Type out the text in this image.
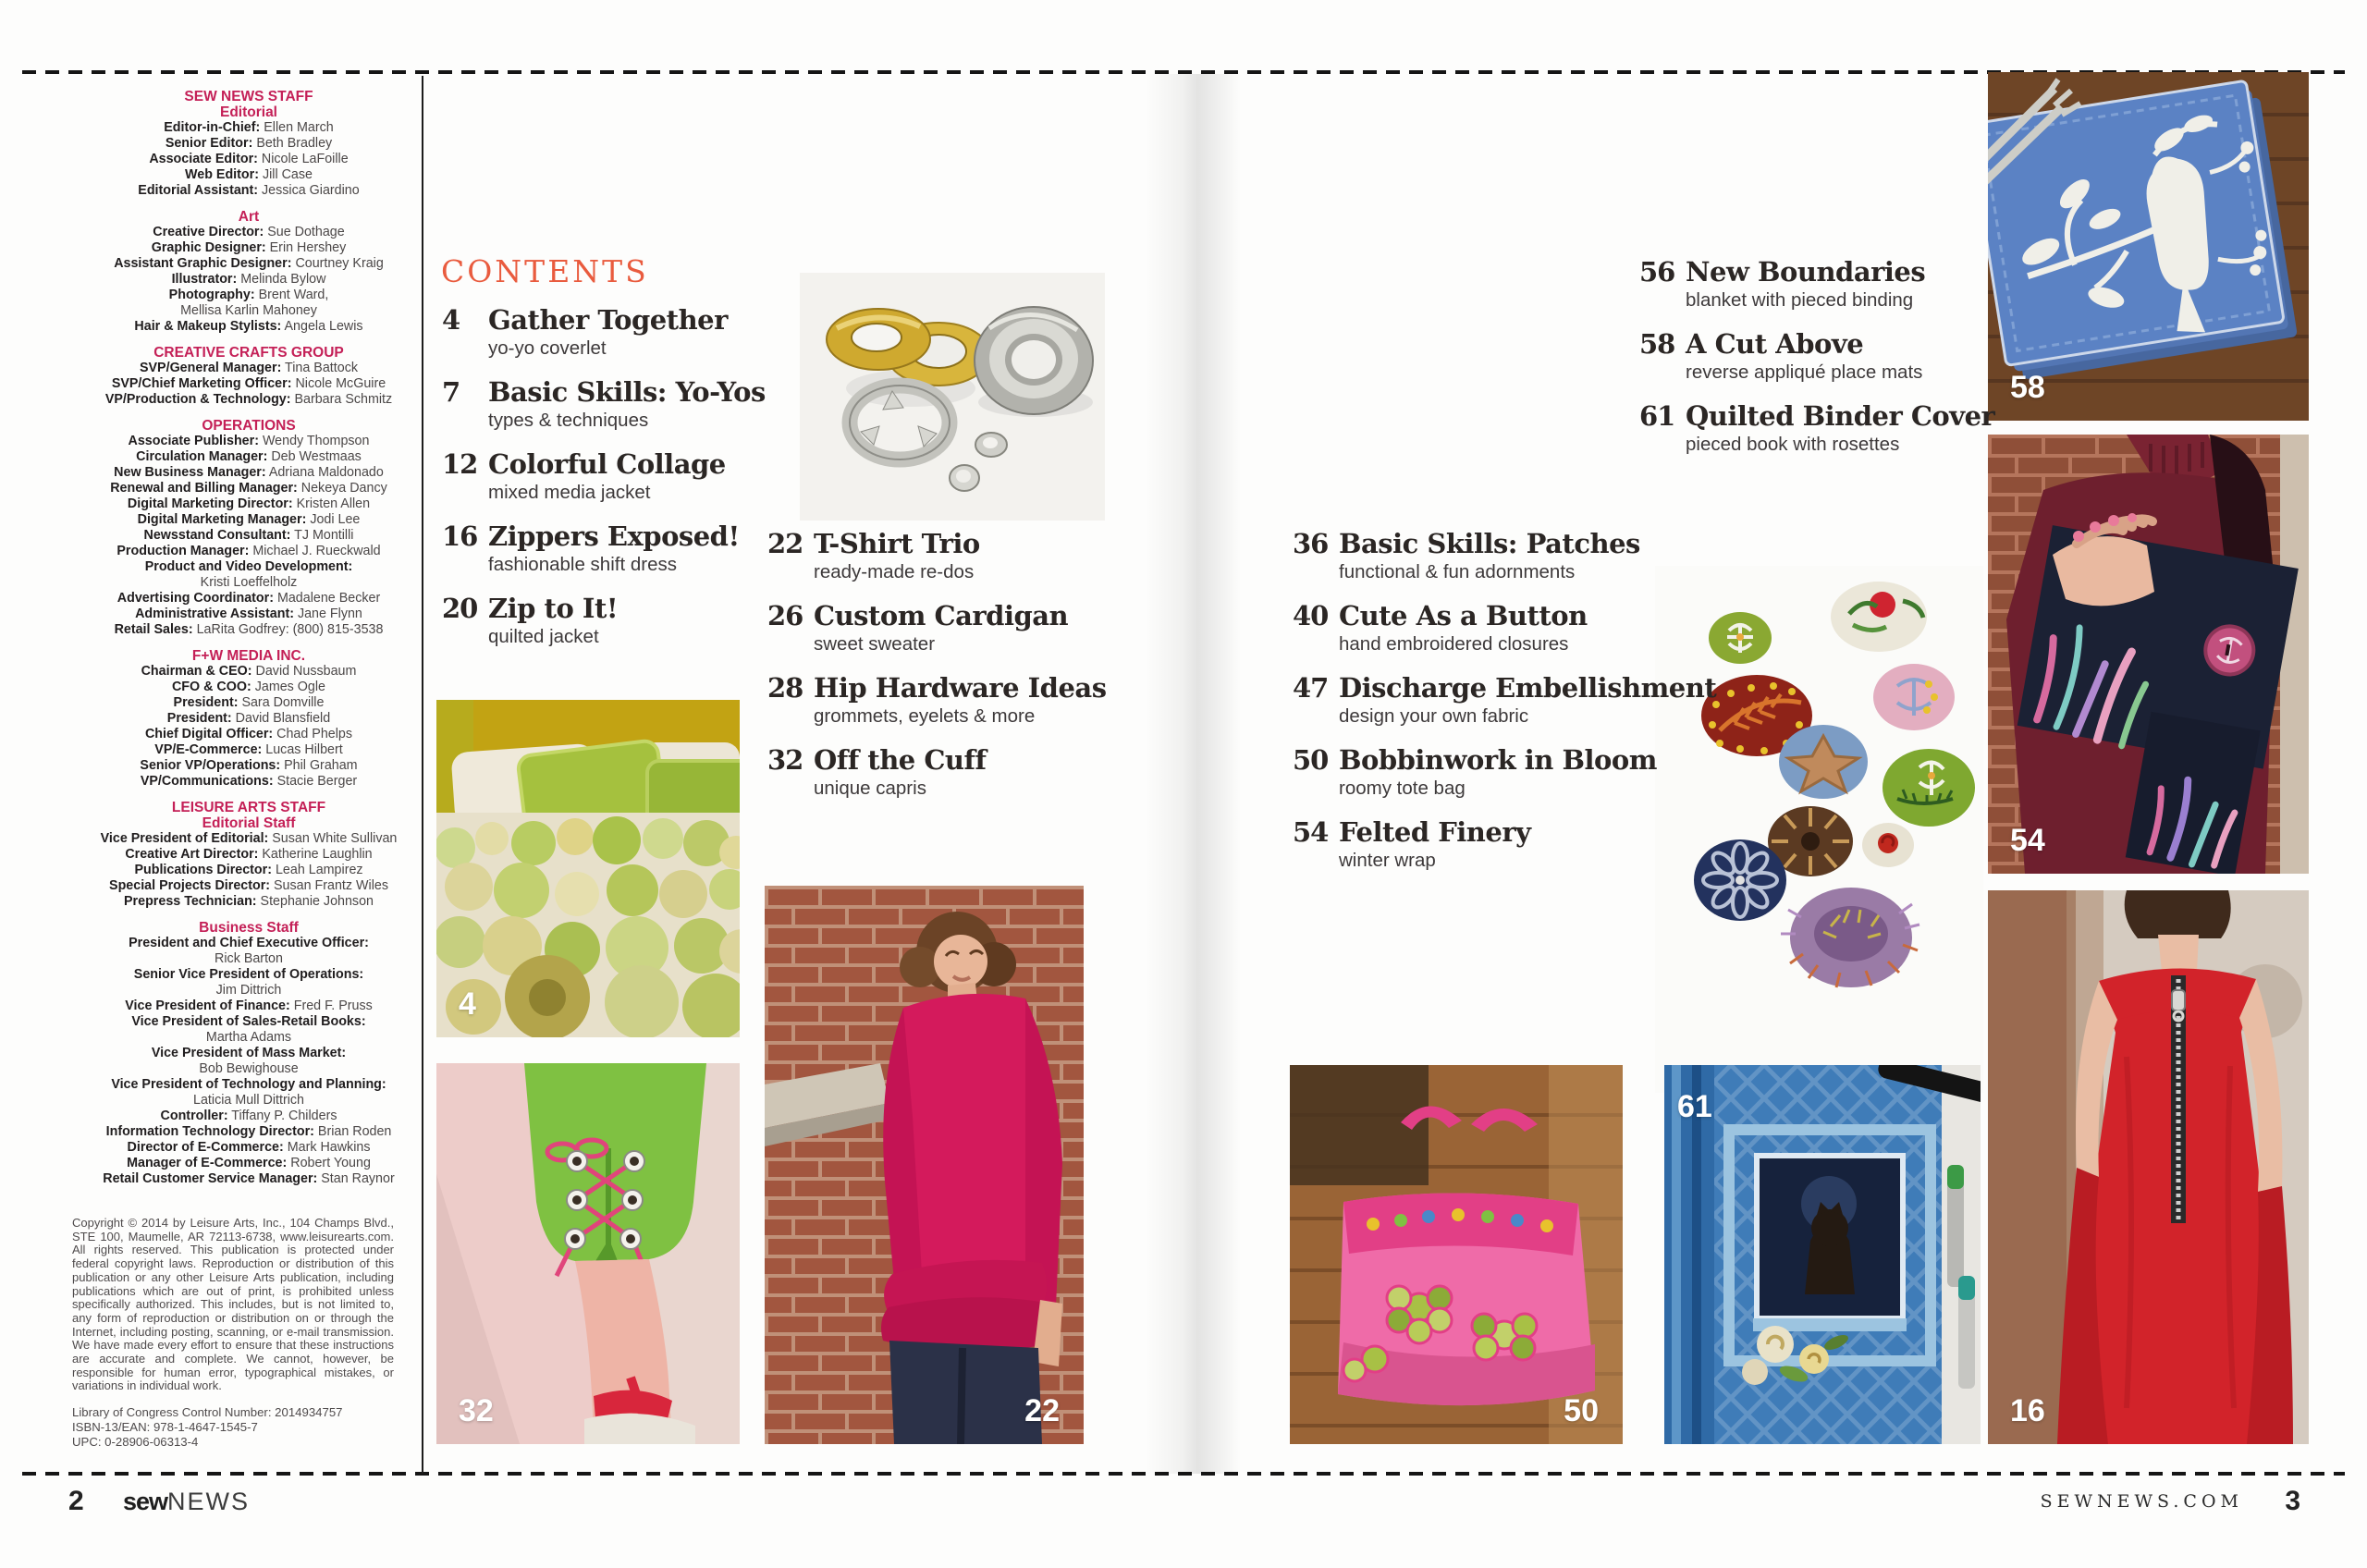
4
32	22	50
61
58
54
16
SEW NEWS STAFF
Editorial
Editor-in-Chief: Ellen March
Senior Editor: Beth Bradley
Associate Editor: Nicole LaFoille
Web Editor: Jill Case
Editorial Assistant: Jessica Giardino
Art
Creative Director: Sue Dothage
Graphic Designer: Erin Hershey
Assistant Graphic Designer: Courtney Kraig
Illustrator: Melinda Bylow
Photography: Brent Ward,
Mellisa Karlin Mahoney
Hair & Makeup Stylists: Angela Lewis
CREATIVE CRAFTS GROUP
SVP/General Manager: Tina Battock
SVP/Chief Marketing Officer: Nicole McGuire
VP/Production & Technology: Barbara Schmitz
OPERATIONS
Associate Publisher: Wendy Thompson
Circulation Manager: Deb Westmaas
New Business Manager: Adriana Maldonado
Renewal and Billing Manager: Nekeya Dancy
Digital Marketing Director: Kristen Allen
Digital Marketing Manager: Jodi Lee
Newsstand Consultant: TJ Montilli
Production Manager: Michael J. Rueckwald
Product and Video Development:
Kristi Loeffelholz
Advertising Coordinator: Madalene Becker
Administrative Assistant: Jane Flynn
Retail Sales: LaRita Godfrey: (800) 815-3538
F+W MEDIA INC.
Chairman & CEO: David Nussbaum
CFO & COO: James Ogle
President: Sara Domville
President: David Blansfield
Chief Digital Officer: Chad Phelps
VP/E-Commerce: Lucas Hilbert
Senior VP/Operations: Phil Graham
VP/Communications: Stacie Berger
LEISURE ARTS STAFF
Editorial Staff
Vice President of Editorial: Susan White Sullivan
Creative Art Director: Katherine Laughlin
Publications Director: Leah Lampirez
Special Projects Director: Susan Frantz Wiles
Prepress Technician: Stephanie Johnson
Business Staff
President and Chief Executive Officer:
Rick Barton
Senior Vice President of Operations:
Jim Dittrich
Vice President of Finance: Fred F. Pruss
Vice President of Sales-Retail Books:
Martha Adams
Vice President of Mass Market:
Bob Bewighouse
Vice President of Technology and Planning:
Laticia Mull Dittrich
Controller: Tiffany P. Childers
Information Technology Director: Brian Roden
Director of E-Commerce: Mark Hawkins
Manager of E-Commerce: Robert Young
Retail Customer Service Manager: Stan Raynor
Copyright © 2014 by Leisure Arts, Inc., 104 Champs Blvd., STE 100, Maumelle, AR 72113-6738, www.leisurearts.com. All rights reserved. This publication is protected under federal copyright laws. Reproduction or distribution of this publication or any other Leisure Arts publication, including publications which are out of print, is prohibited unless specifically authorized. This includes, but is not limited to, any form of reproduction or distribution on or through the Internet, including posting, scanning, or e-mail transmission. We have made every effort to ensure that these instructions are accurate and complete. We cannot, however, be responsible for human error, typographical mistakes, or variations in individual work.
Library of Congress Control Number: 2014934757
ISBN-13/EAN: 978-1-4647-1545-7
UPC: 0-28906-06313-4
contents
4	Gather Together
yo-yo coverlet
7	Basic Skills: Yo-Yos
types & techniques
12 Colorful Collage
mixed media jacket
16 Zippers Exposed!
fashionable shift dress
20 Zip to It!
quilted jacket
22 T-Shirt Trio
ready-made re-dos
26 Custom Cardigan
sweet sweater
28 Hip Hardware Ideas
grommets, eyelets & more
32 Off the Cuff
unique capris
36 Basic Skills: Patches
functional & fun adornments
40 Cute As a Button
hand embroidered closures
47 Discharge Embellishment
design your own fabric
50 Bobbinwork in Bloom
roomy tote bag
54 Felted Finery
winter wrap
56 New Boundaries
blanket with pieced binding
58 A Cut Above
reverse appliqué place mats
61 Quilted Binder Cover
pieced book with rosettes
2 sewNEWS	SEWNEWS.COM 3
